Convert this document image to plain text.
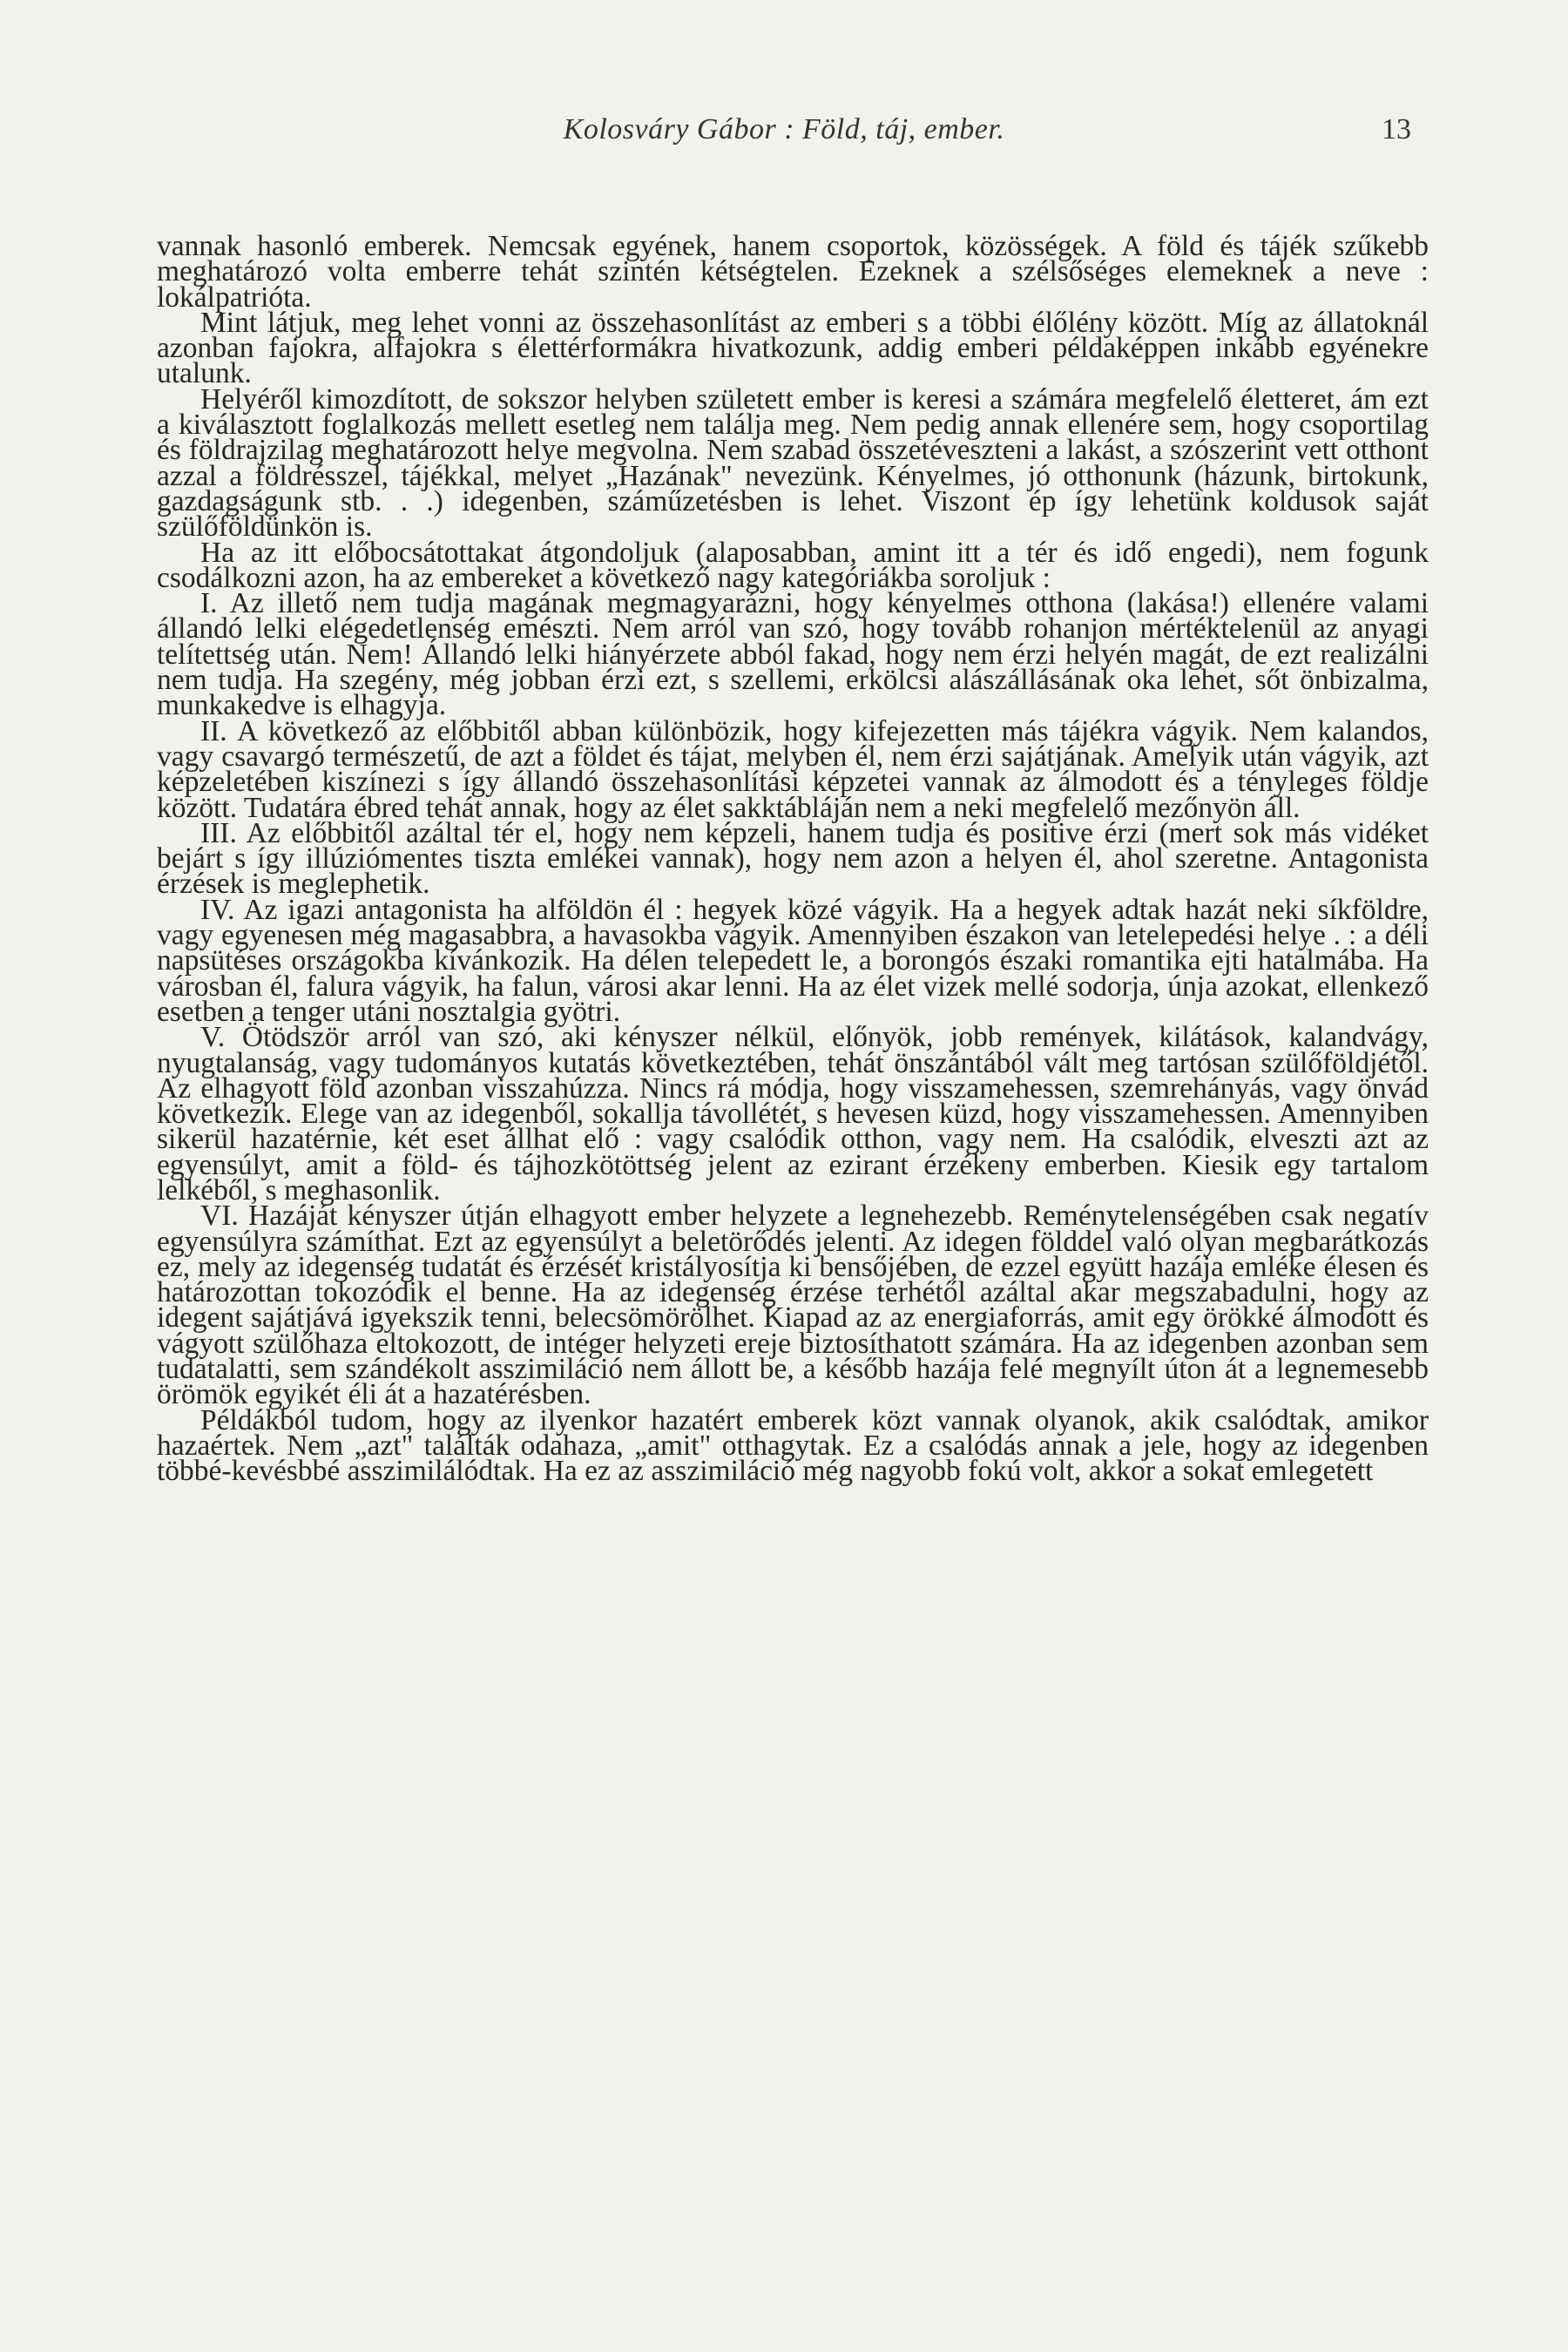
Kolosváry Gábor : Föld, táj, ember.	13

vannak hasonló emberek. Nemcsak egyének, hanem csoportok, közösségek. A föld és tájék szűkebb meghatározó volta emberre tehát szintén kétségtelen. Ezeknek a szélsőséges elemeknek a neve : lokálpatrióta.

Mint látjuk, meg lehet vonni az összehasonlítást az emberi s a többi élőlény között. Míg az állatoknál azonban fajokra, alfajokra s élettérformákra hivatkozunk, addig emberi példaképpen inkább egyénekre utalunk.

Helyéről kimozdított, de sokszor helyben született ember is keresi a számára megfelelő életteret, ám ezt a kiválasztott foglalkozás mellett esetleg nem találja meg. Nem pedig annak ellenére sem, hogy csoportilag és földrajzilag meghatározott helye megvolna. Nem szabad összetéveszteni a lakást, a szószerint vett otthont azzal a földrésszel, tájékkal, melyet „Hazának" nevezünk. Kényelmes, jó otthonunk (házunk, birtokunk, gazdagságunk stb. . .) idegenben, száműzetésben is lehet. Viszont ép így lehetünk koldusok saját szülőföldünkön is.

Ha az itt előbocsátottakat átgondoljuk (alaposabban, amint itt a tér és idő engedi), nem fogunk csodálkozni azon, ha az embereket a következő nagy kategóriákba soroljuk :

I. Az illető nem tudja magának megmagyarázni, hogy kényelmes otthona (lakása!) ellenére valami állandó lelki elégedetlenség emészti. Nem arról van szó, hogy tovább rohanjon mértéktelenül az anyagi telítettség után. Nem! Állandó lelki hiányérzete abból fakad, hogy nem érzi helyén magát, de ezt realizálni nem tudja. Ha szegény, még jobban érzi ezt, s szellemi, erkölcsi alászállásának oka lehet, sőt önbizalma, munkakedve is elhagyja.

II. A következő az előbbitől abban különbözik, hogy kifejezetten más tájékra vágyik. Nem kalandos, vagy csavargó természetű, de azt a földet és tájat, melyben él, nem érzi sajátjának. Amelyik után vágyik, azt képzeletében kiszínezi s így állandó összehasonlítási képzetei vannak az álmodott és a tényleges földje között. Tudatára ébred tehát annak, hogy az élet sakktábláján nem a neki megfelelő mezőnyön áll.

III. Az előbbitől azáltal tér el, hogy nem képzeli, hanem tudja és positive érzi (mert sok más vidéket bejárt s így illúziómentes tiszta emlékei vannak), hogy nem azon a helyen él, ahol szeretne. Antagonista érzések is meglephetik.

IV. Az igazi antagonista ha alföldön él : hegyek közé vágyik. Ha a hegyek adtak hazát neki síkföldre, vagy egyenesen még magasabbra, a havasokba vágyik. Amennyiben északon van letelepedési helye . : a déli napsütéses országokba kívánkozik. Ha délen telepedett le, a borongós északi romantika ejti hatalmába. Ha városban él, falura vágyik, ha falun, városi akar lenni. Ha az élet vizek mellé sodorja, únja azokat, ellenkező esetben a tenger utáni nosztalgia gyötri.

V. Ötödször arról van szó, aki kényszer nélkül, előnyök, jobb remények, kilátások, kalandvágy, nyugtalanság, vagy tudományos kutatás következtében, tehát önszántából vált meg tartósan szülőföldjétől. Az elhagyott föld azonban visszahúzza. Nincs rá módja, hogy visszamehessen, szemrehányás, vagy önvád következik. Elege van az idegenből, sokallja távollétét, s hevesen küzd, hogy visszamehessen. Amennyiben sikerül hazatérnie, két eset állhat elő : vagy csalódik otthon, vagy nem. Ha csalódik, elveszti azt az egyensúlyt, amit a föld- és tájhozkötöttség jelent az ezirant érzékeny emberben. Kiesik egy tartalom lelkéből, s meghasonlik.

VI. Hazáját kényszer útján elhagyott ember helyzete a legnehezebb. Reménytelenségében csak negatív egyensúlyra számíthat. Ezt az egyensúlyt a beletörődés jelenti. Az idegen földdel való olyan megbarátkozás ez, mely az idegenség tudatát és érzését kristályosítja ki bensőjében, de ezzel együtt hazája emléke élesen és határozottan tokozódik el benne. Ha az idegenség érzése terhétől azáltal akar megszabadulni, hogy az idegent sajátjává igyekszik tenni, belecsömörölhet. Kiapad az az energiaforrás, amit egy örökké álmodott és vágyott szülőhaza eltokozott, de intéger helyzeti ereje biztosíthatott számára. Ha az idegenben azonban sem tudatalatti, sem szándékolt asszimiláció nem állott be, a később hazája felé megnyílt úton át a legnemesebb örömök egyikét éli át a hazatérésben.

Példákból tudom, hogy az ilyenkor hazatért emberek közt vannak olyanok, akik csalódtak, amikor hazaértek. Nem „azt" találták odahaza, „amit" otthagytak. Ez a csalódás annak a jele, hogy az idegenben többé-kevésbbé asszimilálódtak. Ha ez az asszimiláció még nagyobb fokú volt, akkor a sokat emlegetett
